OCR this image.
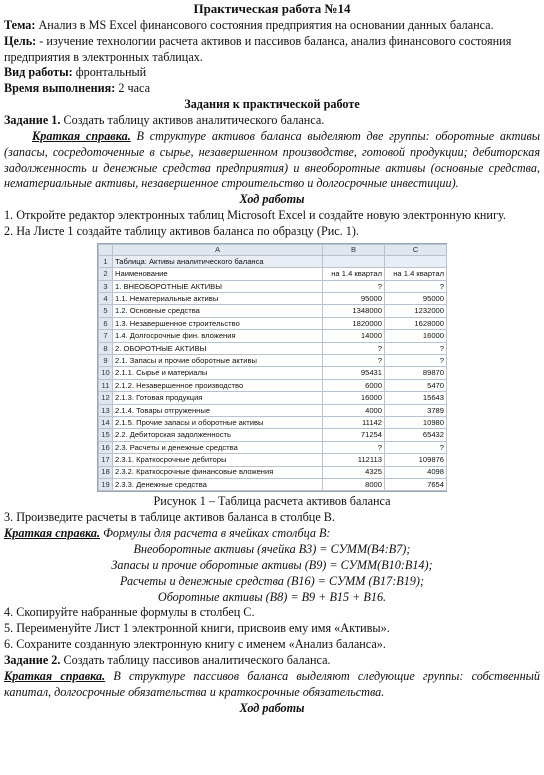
Практическая работа №14

Тема: Анализ в MS Excel финансового состояния предприятия на основании данных баланса.

Цель: - изучение технологии расчета активов и пассивов баланса, анализ финансового состояния предприятия в электронных таблицах.

Вид работы: фронтальный

Время выполнения: 2 часа

Задания к практической работе

Задание 1. Создать таблицу активов аналитического баланса.

Краткая справка. В структуре активов баланса выделяют две группы: оборотные активы (запасы, сосредоточенные в сырье, незавершенном производстве, готовой продукции; дебиторская задолженность и денежные средства предприятия) и внеоборотные активы (основные средства, нематериальные активы, незавершенное строительство и долгосрочные инвестиции).

Ход работы

1. Откройте редактор электронных таблиц Microsoft Excel и создайте новую электронную книгу.

2. На Листе 1 создайте таблицу активов баланса по образцу (Рис. 1).

	A	B	C
1	Таблица: Активы аналитического баланса		
2	Наименование	на 1.4 квартал	на 1.4 квартал
3	1. ВНЕОБОРОТНЫЕ АКТИВЫ	?	?
4	1.1. Нематериальные активы	95000	95000
5	1.2. Основные средства	1348000	1232000
6	1.3. Незавершенное строительство	1820000	1628000
7	1.4. Долгосрочные фин. вложения	14000	16000
8	2. ОБОРОТНЫЕ АКТИВЫ	?	?
9	2.1. Запасы и прочие оборотные активы	?	?
10	2.1.1. Сырье и материалы	95431	89870
11	2.1.2. Незавершенное производство	6000	5470
12	2.1.3. Готовая продукция	16000	15643
13	2.1.4. Товары отгруженные	4000	3789
14	2.1.5. Прочие запасы и оборотные активы	11142	10980
15	2.2. Дебиторская задолженность	71254	65432
16	2.3. Расчеты и денежные средства	?	?
17	2.3.1. Краткосрочные дебиторы	112113	109876
18	2.3.2. Краткосрочные финансовые вложения	4325	4098
19	2.3.3. Денежные средства	8000	7654
Рисунок 1 – Таблица расчета активов баланса

3. Произведите расчеты в таблице активов баланса в столбце В.

Краткая справка. Формулы для расчета в ячейках столбца В:

Внеоборотные активы (ячейка В3) = СУММ(В4:В7);

Запасы и прочие оборотные активы (В9) = СУММ(В10:В14);

Расчеты и денежные средства (В16) = СУММ (В17:В19);

Оборотные активы (В8) = В9 + В15 + В16.

4. Скопируйте набранные формулы в столбец С.

5. Переименуйте Лист 1 электронной книги, присвоив ему имя «Активы».

6. Сохраните созданную электронную книгу с именем «Анализ баланса».

Задание 2. Создать таблицу пассивов аналитического баланса.

Краткая справка. В структуре пассивов баланса выделяют следующие группы: собственный капитал, долгосрочные обязательства и краткосрочные обязательства.

Ход работы
